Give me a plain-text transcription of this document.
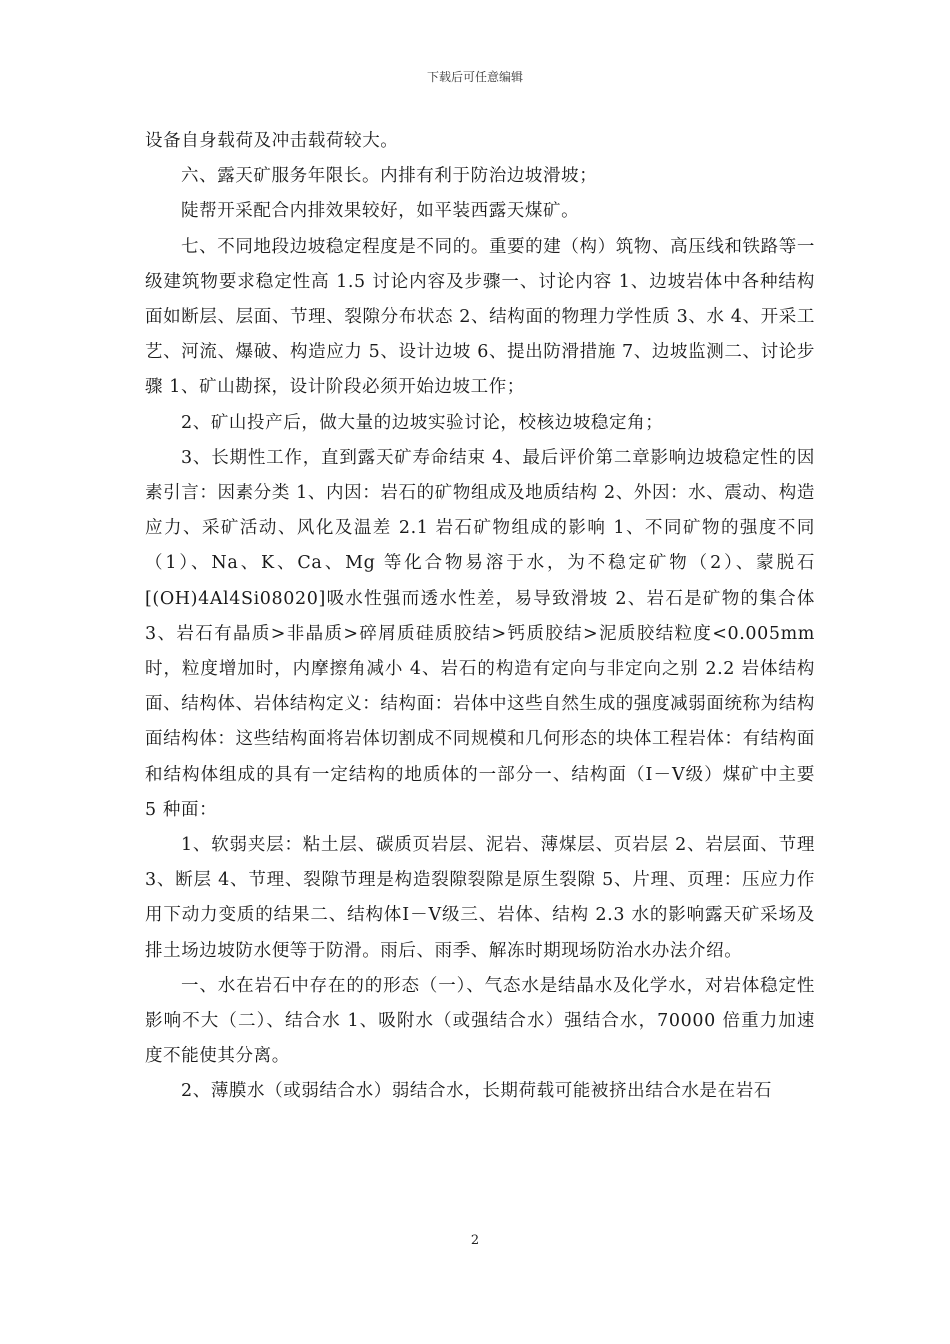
下载后可任意编辑

设备自身载荷及冲击载荷较大。

六、露天矿服务年限长。内排有利于防治边坡滑坡；

陡帮开采配合内排效果较好，如平装西露天煤矿。

七、不同地段边坡稳定程度是不同的。重要的建（构）筑物、高压线和铁路等一级建筑物要求稳定性高 1.5 讨论内容及步骤一、讨论内容 1、边坡岩体中各种结构面如断层、层面、节理、裂隙分布状态 2、结构面的物理力学性质 3、水 4、开采工艺、河流、爆破、构造应力 5、设计边坡 6、提出防滑措施 7、边坡监测二、讨论步骤 1、矿山勘探，设计阶段必须开始边坡工作；

2、矿山投产后，做大量的边坡实验讨论，校核边坡稳定角；

3、长期性工作，直到露天矿寿命结束 4、最后评价第二章影响边坡稳定性的因素引言：因素分类 1、内因：岩石的矿物组成及地质结构 2、外因：水、震动、构造应力、采矿活动、风化及温差 2.1 岩石矿物组成的影响 1、不同矿物的强度不同（1）、Na、K、Ca、Mg 等化合物易溶于水，为不稳定矿物（2）、蒙脱石[(OH)4Al4Si08020]吸水性强而透水性差，易导致滑坡 2、岩石是矿物的集合体 3、岩石有晶质>非晶质>碎屑质硅质胶结>钙质胶结>泥质胶结粒度<0.005mm 时，粒度增加时，内摩擦角减小 4、岩石的构造有定向与非定向之别 2.2 岩体结构面、结构体、岩体结构定义：结构面：岩体中这些自然生成的强度减弱面统称为结构面结构体：这些结构面将岩体切割成不同规模和几何形态的块体工程岩体：有结构面和结构体组成的具有一定结构的地质体的一部分一、结构面（Ⅰ－Ⅴ级）煤矿中主要 5 种面：

1、软弱夹层：粘土层、碳质页岩层、泥岩、薄煤层、页岩层 2、岩层面、节理 3、断层 4、节理、裂隙节理是构造裂隙裂隙是原生裂隙 5、片理、页理：压应力作用下动力变质的结果二、结构体Ⅰ－Ⅴ级三、岩体、结构 2.3 水的影响露天矿采场及排土场边坡防水便等于防滑。雨后、雨季、解冻时期现场防治水办法介绍。

一、水在岩石中存在的的形态（一）、气态水是结晶水及化学水，对岩体稳定性影响不大（二）、结合水 1、吸附水（或强结合水）强结合水，70000 倍重力加速度不能使其分离。

2、薄膜水（或弱结合水）弱结合水，长期荷载可能被挤出结合水是在岩石

2
